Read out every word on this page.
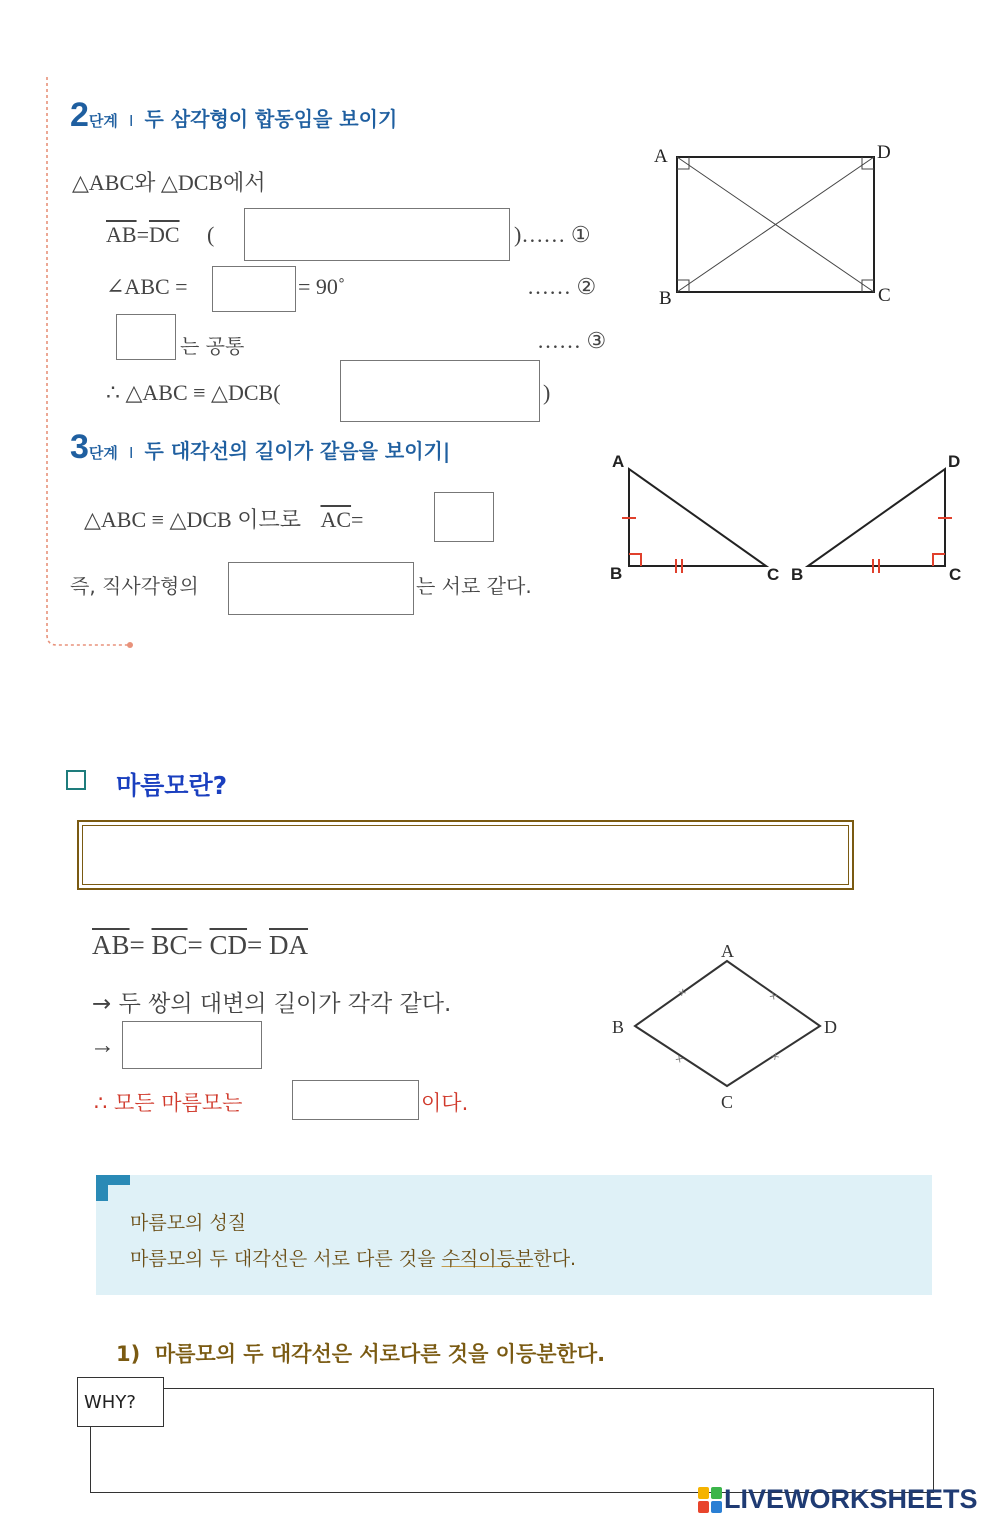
2단계 I 두 삼각형이 합동임을 보이기
△ABC와 △DCB에서
$\overline{AB}=\overline{DC}$ (	)…… ①
∠ABC =	= 90˚	…… ②
는 공통	…… ③
∴ △ABC ≡ △DCB(	)
A	D
B	C
3단계 I 두 대각선의 길이가 같음을 보이기|
△ABC ≡ △DCB 이므로 $\overline{AC}=$
즉, 직사각형의	는 서로 같다.
A
B	C B
D
C
마름모란?
$\overline{AB}= \overline{BC}= \overline{CD}= \overline{DA}$
→ 두 쌍의 대변의 길이가 각각 같다.
→
∴ 모든 마름모는	이다.
×	×
×	×
A
B
C
D
마름모의 성질
마름모의 두 대각선은 서로 다른 것을 수직이등분한다.
1)  마름모의 두 대각선은 서로다른 것을 이등분한다.
WHY?
LIVEWORKSHEETS
